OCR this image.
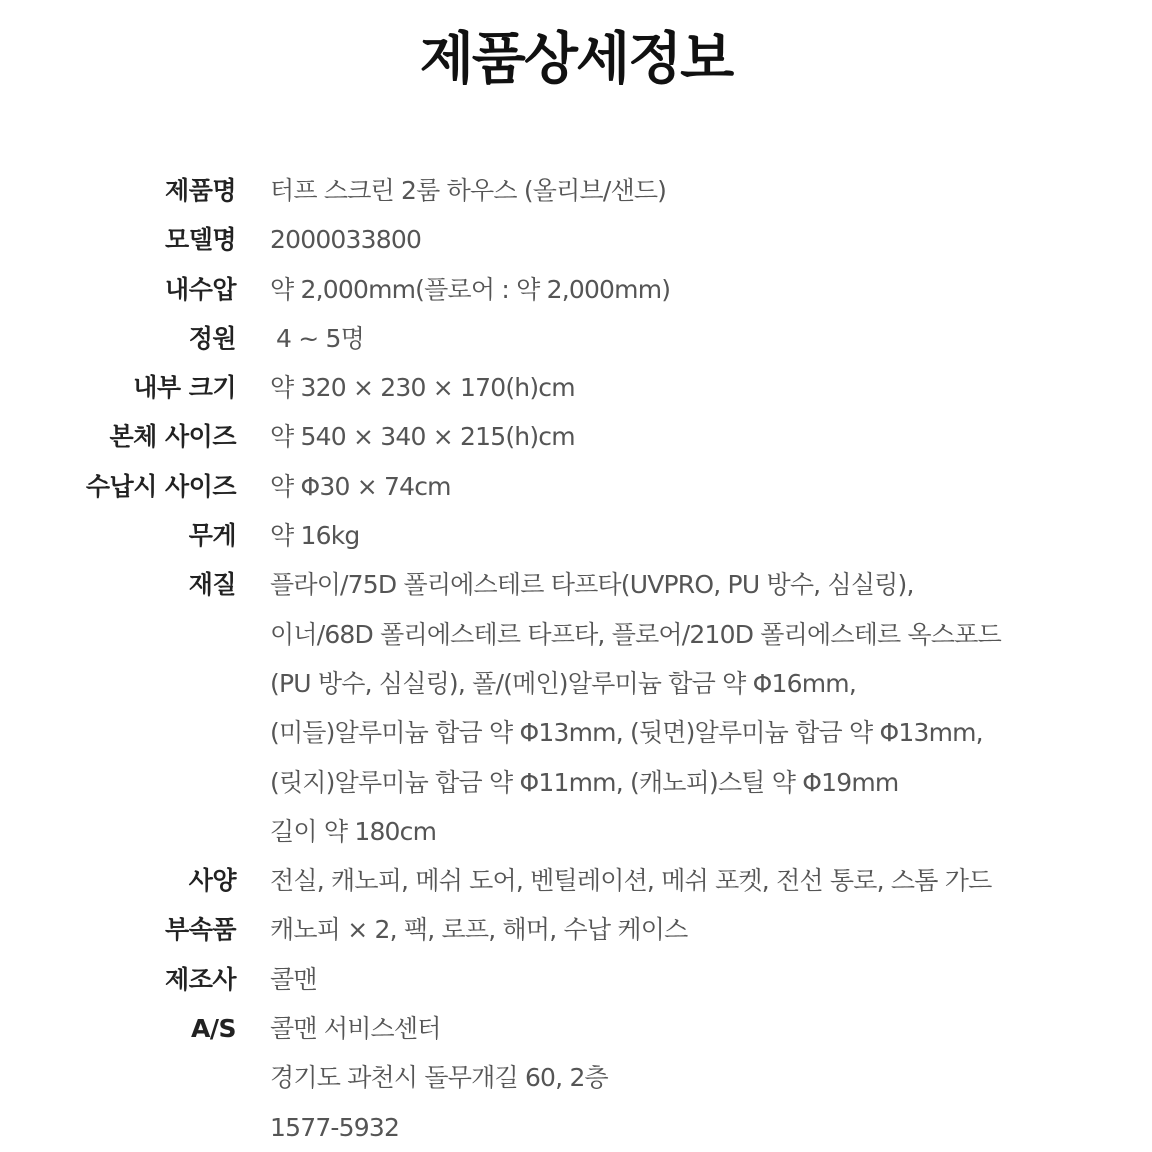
제품상세정보
제품명 터프 스크린 2룸 하우스 (올리브/샌드)
모델명 2000033800
내수압 약 2,000mm(플로어 : 약 2,000mm)
정원 4 ~ 5명
내부 크기 약 320 × 230 × 170(h)cm
본체 사이즈 약 540 × 340 × 215(h)cm
수납시 사이즈 약 Φ30 × 74cm
무게 약 16kg
재질 플라이/75D 폴리에스테르 타프타(UVPRO, PU 방수, 심실링),
이너/68D 폴리에스테르 타프타, 플로어/210D 폴리에스테르 옥스포드
(PU 방수, 심실링), 폴/(메인)알루미늄 합금 약 Φ16mm,
(미들)알루미늄 합금 약 Φ13mm, (뒷면)알루미늄 합금 약 Φ13mm,
(릿지)알루미늄 합금 약 Φ11mm, (캐노피)스틸 약 Φ19mm
길이 약 180cm
사양 전실, 캐노피, 메쉬 도어, 벤틸레이션, 메쉬 포켓, 전선 통로, 스톰 가드
부속품 캐노피 × 2, 팩, 로프, 해머, 수납 케이스
제조사 콜맨
A/S 콜맨 서비스센터
경기도 과천시 돌무개길 60, 2층
1577-5932
